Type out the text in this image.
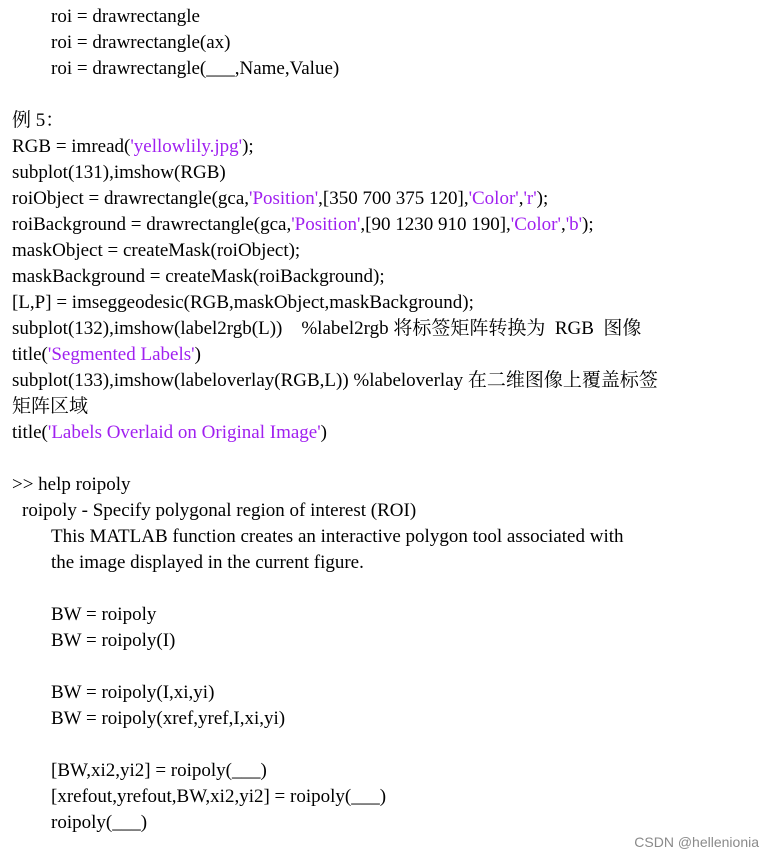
roi = drawrectangle
roi = drawrectangle(ax)
roi = drawrectangle(___,Name,Value)
例 5：
RGB = imread('yellowlily.jpg');
subplot(131),imshow(RGB)
roiObject = drawrectangle(gca,'Position',[350 700 375 120],'Color','r');
roiBackground = drawrectangle(gca,'Position',[90 1230 910 190],'Color','b');
maskObject = createMask(roiObject);
maskBackground = createMask(roiBackground);
[L,P] = imseggeodesic(RGB,maskObject,maskBackground);
subplot(132),imshow(label2rgb(L))    %label2rgb 将标签矩阵转换为  RGB  图像
title('Segmented Labels')
subplot(133),imshow(labeloverlay(RGB,L)) %labeloverlay 在二维图像上覆盖标签
矩阵区域
title('Labels Overlaid on Original Image')
>> help roipoly
roipoly - Specify polygonal region of interest (ROI)
This MATLAB function creates an interactive polygon tool associated with
the image displayed in the current figure.
BW = roipoly
BW = roipoly(I)
BW = roipoly(I,xi,yi)
BW = roipoly(xref,yref,I,xi,yi)
[BW,xi2,yi2] = roipoly(___)
[xrefout,yrefout,BW,xi2,yi2] = roipoly(___)
roipoly(___)
CSDN @hellenionia
